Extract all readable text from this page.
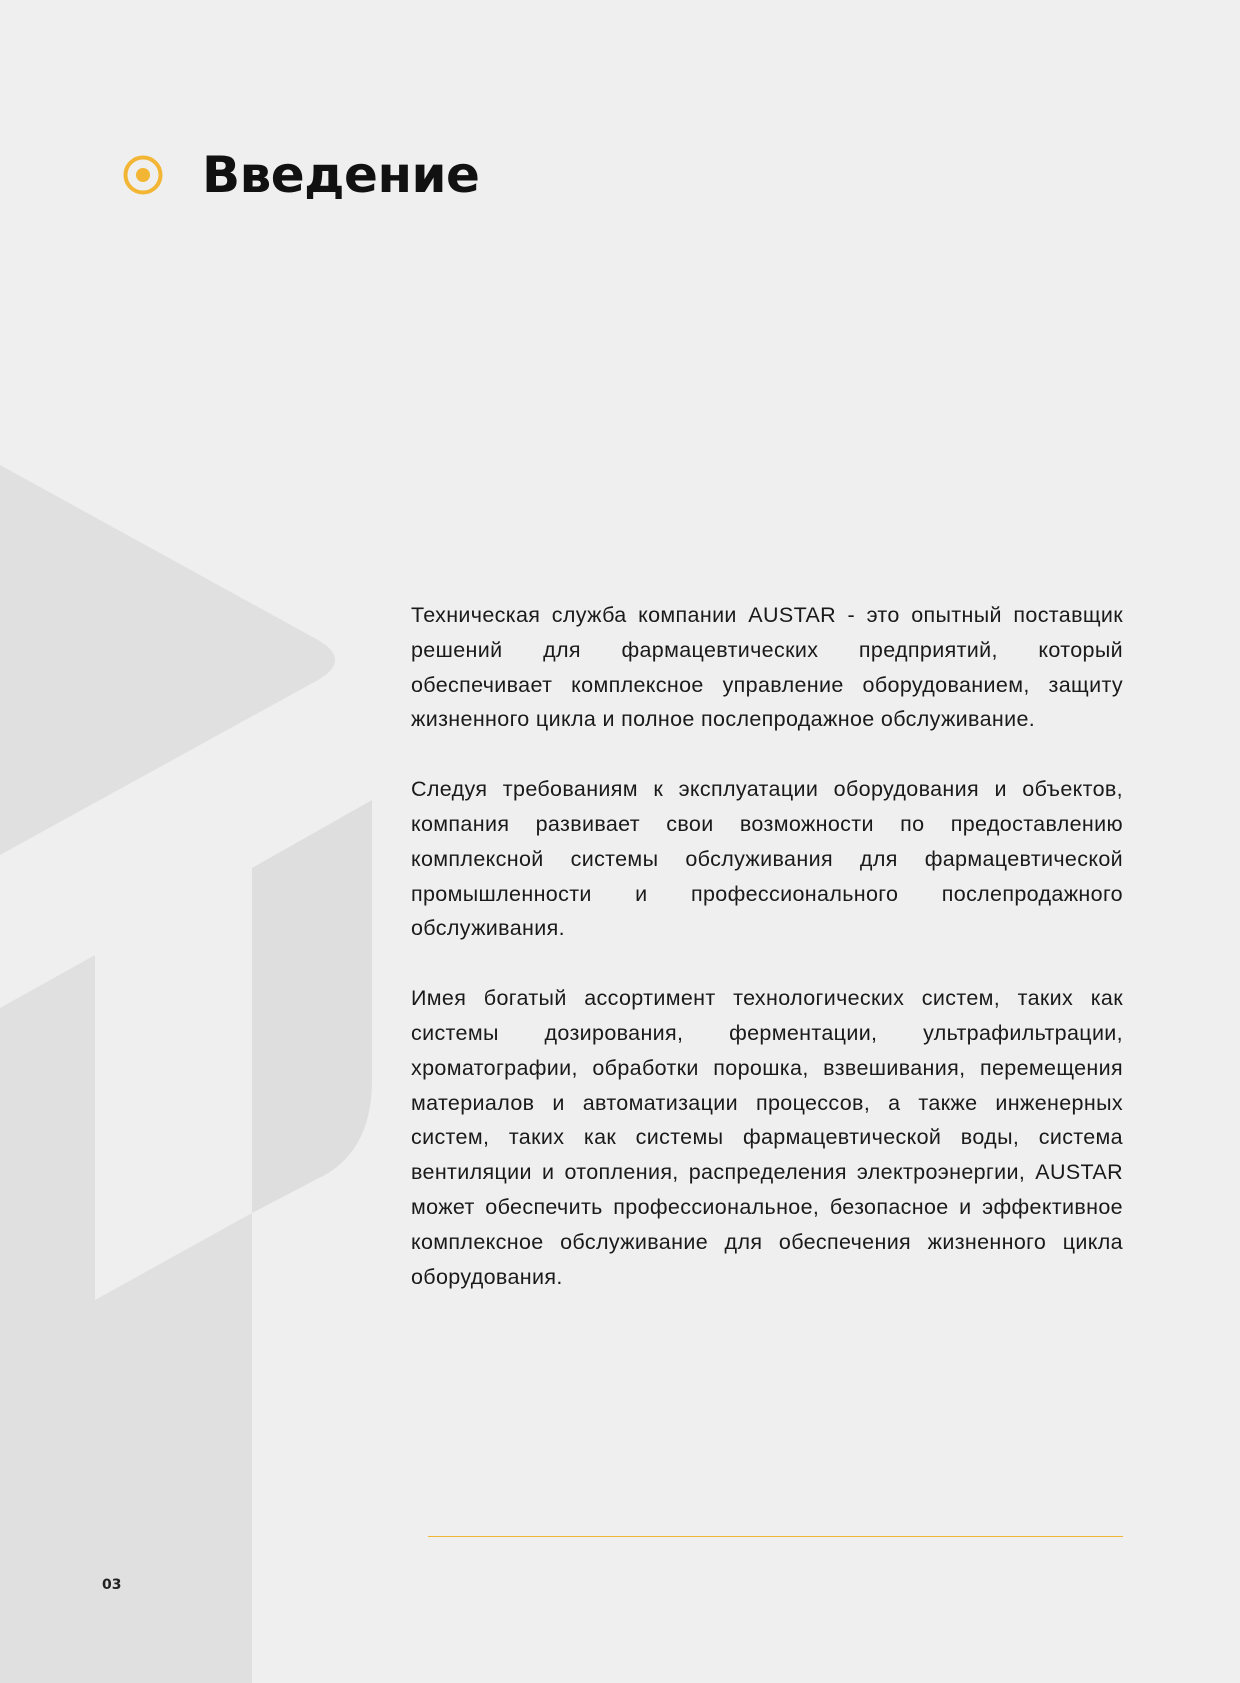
Введение

Техническая служба компании AUSTAR - это опытный поставщик решений для фармацевтических предприятий, который обеспечивает комплексное управление оборудованием, защиту жизненного цикла и полное послепродажное обслуживание.

Следуя требованиям к эксплуатации оборудования и объектов, компания развивает свои возможности по предоставлению комплексной системы обслуживания для фармацевтической промышленности и профессионального послепродажного обслуживания.

Имея богатый ассортимент технологических систем, таких как системы дозирования, ферментации, ультрафильтрации, хроматографии, обработки порошка, взвешивания, перемещения материалов и автоматизации процессов, а также инженерных систем, таких как системы фармацевтической воды, система вентиляции и отопления, распределения электроэнергии, AUSTAR может обеспечить профессиональное, безопасное и эффективное комплексное обслуживание для обеспечения жизненного цикла оборудования.

03
